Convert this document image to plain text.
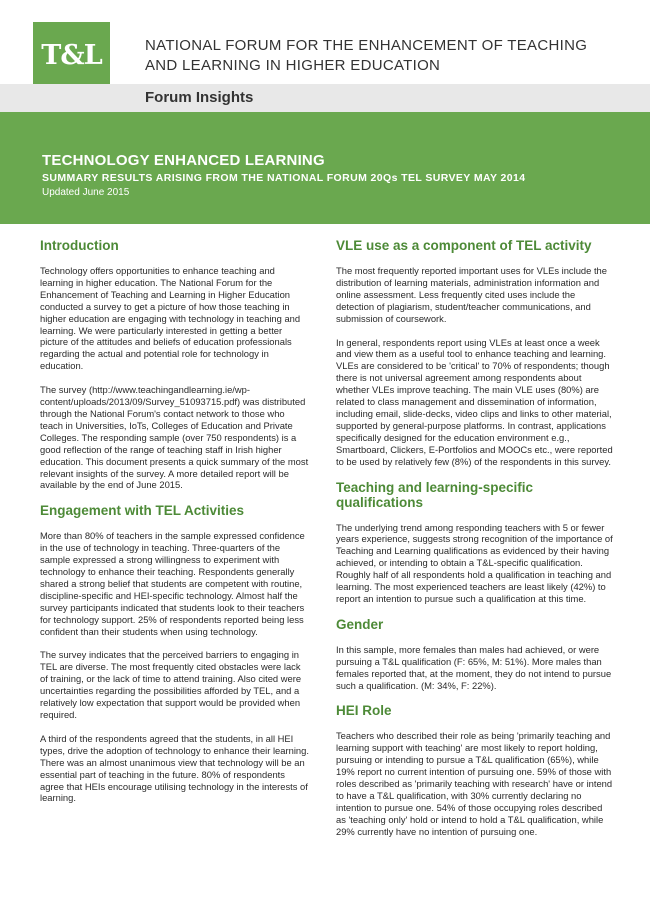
T&L	NATIONAL FORUM FOR THE ENHANCEMENT OF TEACHING
AND LEARNING IN HIGHER EDUCATION
Forum Insights
TECHNOLOGY ENHANCED LEARNING
SUMMARY RESULTS ARISING FROM THE NATIONAL FORUM 20Qs TEL SURVEY MAY 2014
Updated June 2015
Introduction

Technology offers opportunities to enhance teaching and learning in higher education. The National Forum for the Enhancement of Teaching and Learning in Higher Education conducted a survey to get a picture of how those teaching in higher education are engaging with technology in teaching and learning. We were particularly interested in getting a better picture of the attitudes and beliefs of education professionals regarding the actual and potential role for technology in education.

The survey (http://www.teachingandlearning.ie/wp-content/uploads/2013/09/Survey_51093715.pdf) was distributed through the National Forum's contact network to those who teach in Universities, IoTs, Colleges of Education and Private Colleges. The responding sample (over 750 respondents) is a good reflection of the range of teaching staff in Irish higher education. This document presents a quick summary of the most relevant insights of the survey. A more detailed report will be available by the end of June 2015.

Engagement with TEL Activities

More than 80% of teachers in the sample expressed confidence in the use of technology in teaching. Three-quarters of the sample expressed a strong willingness to experiment with technology to enhance their teaching. Respondents generally shared a strong belief that students are competent with routine, discipline-specific and HEI-specific technology. Almost half the survey participants indicated that students look to their teachers for technology support. 25% of respondents reported being less confident than their students when using technology.

The survey indicates that the perceived barriers to engaging in TEL are diverse. The most frequently cited obstacles were lack of training, or the lack of time to attend training. Also cited were uncertainties regarding the possibilities afforded by TEL, and a relatively low expectation that support would be provided when required.

A third of the respondents agreed that the students, in all HEI types, drive the adoption of technology to enhance their learning. There was an almost unanimous view that technology will be an essential part of teaching in the future. 80% of respondents agree that HEIs encourage utilising technology in the interests of learning.

VLE use as a component of TEL activity

The most frequently reported important uses for VLEs include the distribution of learning materials, administration information and online assessment. Less frequently cited uses include the detection of plagiarism, student/teacher communications, and submission of coursework.

In general, respondents report using VLEs at least once a week and view them as a useful tool to enhance teaching and learning. VLEs are considered to be 'critical' to 70% of respondents; though there is not universal agreement among respondents about whether VLEs improve teaching. The main VLE uses (80%) are related to class management and dissemination of information, including email, slide-decks, video clips and links to other material, supported by general-purpose platforms. In contrast, applications specifically designed for the education environment e.g., Smartboard, Clickers, E-Portfolios and MOOCs etc., were reported to be used by relatively few (8%) of the respondents in this survey.

Teaching and learning-specific qualifications

The underlying trend among responding teachers with 5 or fewer years experience, suggests strong recognition of the importance of Teaching and Learning qualifications as evidenced by their having achieved, or intending to obtain a T&L-specific qualification. Roughly half of all respondents hold a qualification in teaching and learning. The most experienced teachers are least likely (42%) to report an intention to pursue such a qualification at this time.

Gender

In this sample, more females than males had achieved, or were pursuing a T&L qualification (F: 65%, M: 51%). More males than females reported that, at the moment, they do not intend to pursue such a qualification. (M: 34%, F: 22%).

HEI Role

Teachers who described their role as being 'primarily teaching and learning support with teaching' are most likely to report holding, pursuing or intending to pursue a T&L qualification (65%), while 19% report no current intention of pursuing one. 59% of those with roles described as 'primarily teaching with research' have or intend to have a T&L qualification, with 30% currently declaring no intention to pursue one. 54% of those occupying roles described as 'teaching only' hold or intend to hold a T&L qualification, while 29% currently have no intention of pursuing one.
